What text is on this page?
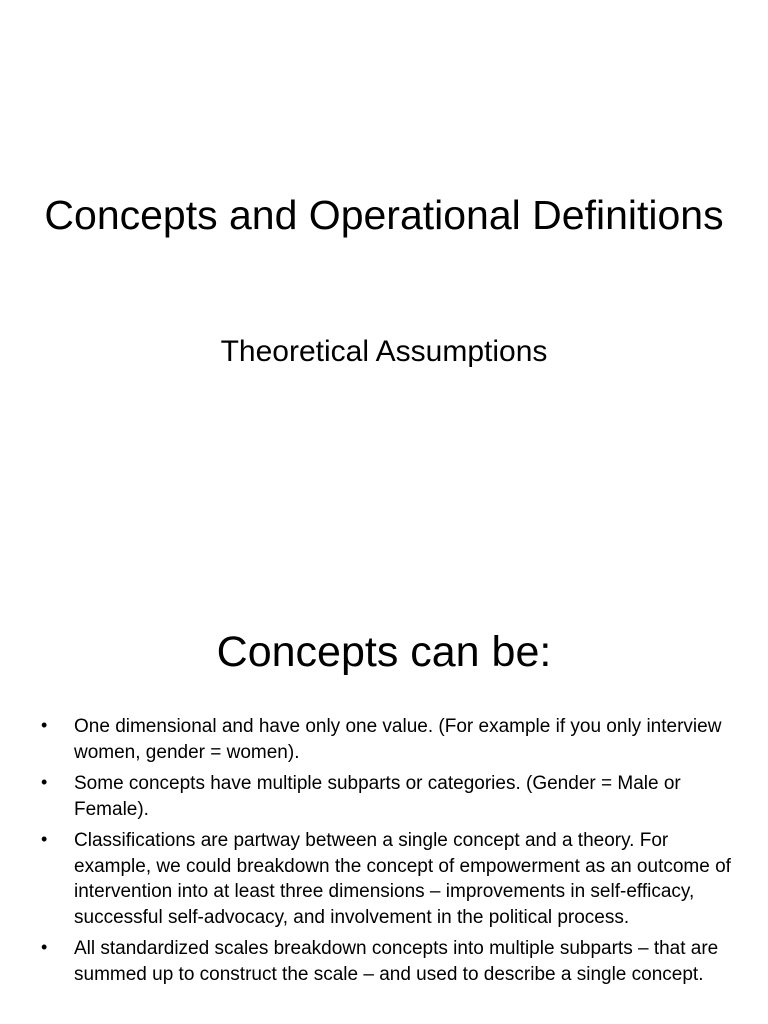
Concepts and Operational Definitions
Theoretical Assumptions
Concepts can be:
• One dimensional and have only one value. (For example if you only interview women, gender = women).
• Some concepts have multiple subparts or categories. (Gender = Male or Female).
• Classifications are partway between a single concept and a theory. For example, we could breakdown the concept of empowerment as an outcome of intervention into at least three dimensions – improvements in self-efficacy, successful self-advocacy, and involvement in the political process.
• All standardized scales breakdown concepts into multiple subparts – that are summed up to construct the scale – and used to describe a single concept.
